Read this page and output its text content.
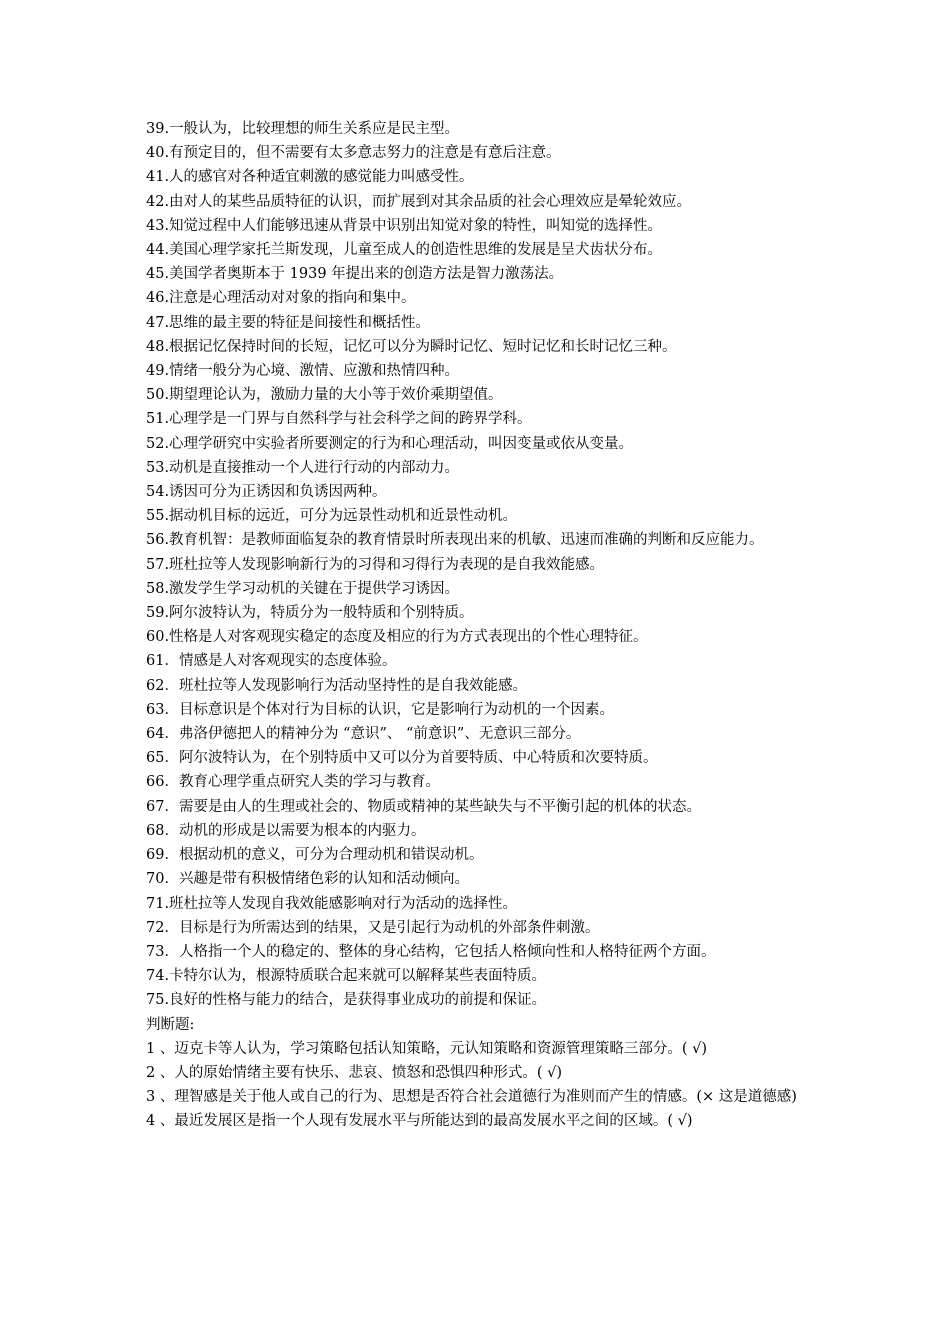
39.一般认为，比较理想的师生关系应是民主型。

40.有预定目的，但不需要有太多意志努力的注意是有意后注意。

41.人的感官对各种适宜刺激的感觉能力叫感受性。

42.由对人的某些品质特征的认识，而扩展到对其余品质的社会心理效应是晕轮效应。

43.知觉过程中人们能够迅速从背景中识别出知觉对象的特性，叫知觉的选择性。

44.美国心理学家托兰斯发现，儿童至成人的创造性思维的发展是呈犬齿状分布。

45.美国学者奥斯本于 1939 年提出来的创造方法是智力激荡法。

46.注意是心理活动对对象的指向和集中。

47.思维的最主要的特征是间接性和概括性。

48.根据记忆保持时间的长短，记忆可以分为瞬时记忆、短时记忆和长时记忆三种。

49.情绪一般分为心境、激情、应激和热情四种。

50.期望理论认为，激励力量的大小等于效价乘期望值。

51.心理学是一门界与自然科学与社会科学之间的跨界学科。

52.心理学研究中实验者所要测定的行为和心理活动，叫因变量或依从变量。

53.动机是直接推动一个人进行行动的内部动力。

54.诱因可分为正诱因和负诱因两种。

55.据动机目标的远近，可分为远景性动机和近景性动机。

56.教育机智：是教师面临复杂的教育情景时所表现出来的机敏、迅速而准确的判断和反应能力。

57.班杜拉等人发现影响新行为的习得和习得行为表现的是自我效能感。

58.激发学生学习动机的关键在于提供学习诱因。

59.阿尔波特认为，特质分为一般特质和个别特质。

60.性格是人对客观现实稳定的态度及相应的行为方式表现出的个性心理特征。

61．情感是人对客观现实的态度体验。

62．班杜拉等人发现影响行为活动坚持性的是自我效能感。

63．目标意识是个体对行为目标的认识，它是影响行为动机的一个因素。

64．弗洛伊德把人的精神分为 “意识”、 “前意识”、无意识三部分。

65．阿尔波特认为，在个别特质中又可以分为首要特质、中心特质和次要特质。

66．教育心理学重点研究人类的学习与教育。

67．需要是由人的生理或社会的、物质或精神的某些缺失与不平衡引起的机体的状态。

68．动机的形成是以需要为根本的内驱力。

69．根据动机的意义，可分为合理动机和错误动机。

70．兴趣是带有积极情绪色彩的认知和活动倾向。

71.班杜拉等人发现自我效能感影响对行为活动的选择性。

72．目标是行为所需达到的结果，又是引起行为动机的外部条件刺激。

73．人格指一个人的稳定的、整体的身心结构，它包括人格倾向性和人格特征两个方面。

74.卡特尔认为，根源特质联合起来就可以解释某些表面特质。

75.良好的性格与能力的结合，是获得事业成功的前提和保证。

判断题:

1 、迈克卡等人认为，学习策略包括认知策略，元认知策略和资源管理策略三部分。( √)

2 、人的原始情绪主要有快乐、悲哀、愤怒和恐惧四种形式。( √)

3 、理智感是关于他人或自己的行为、思想是否符合社会道德行为准则而产生的情感。(× 这是道德感)

4 、最近发展区是指一个人现有发展水平与所能达到的最高发展水平之间的区域。( √)
